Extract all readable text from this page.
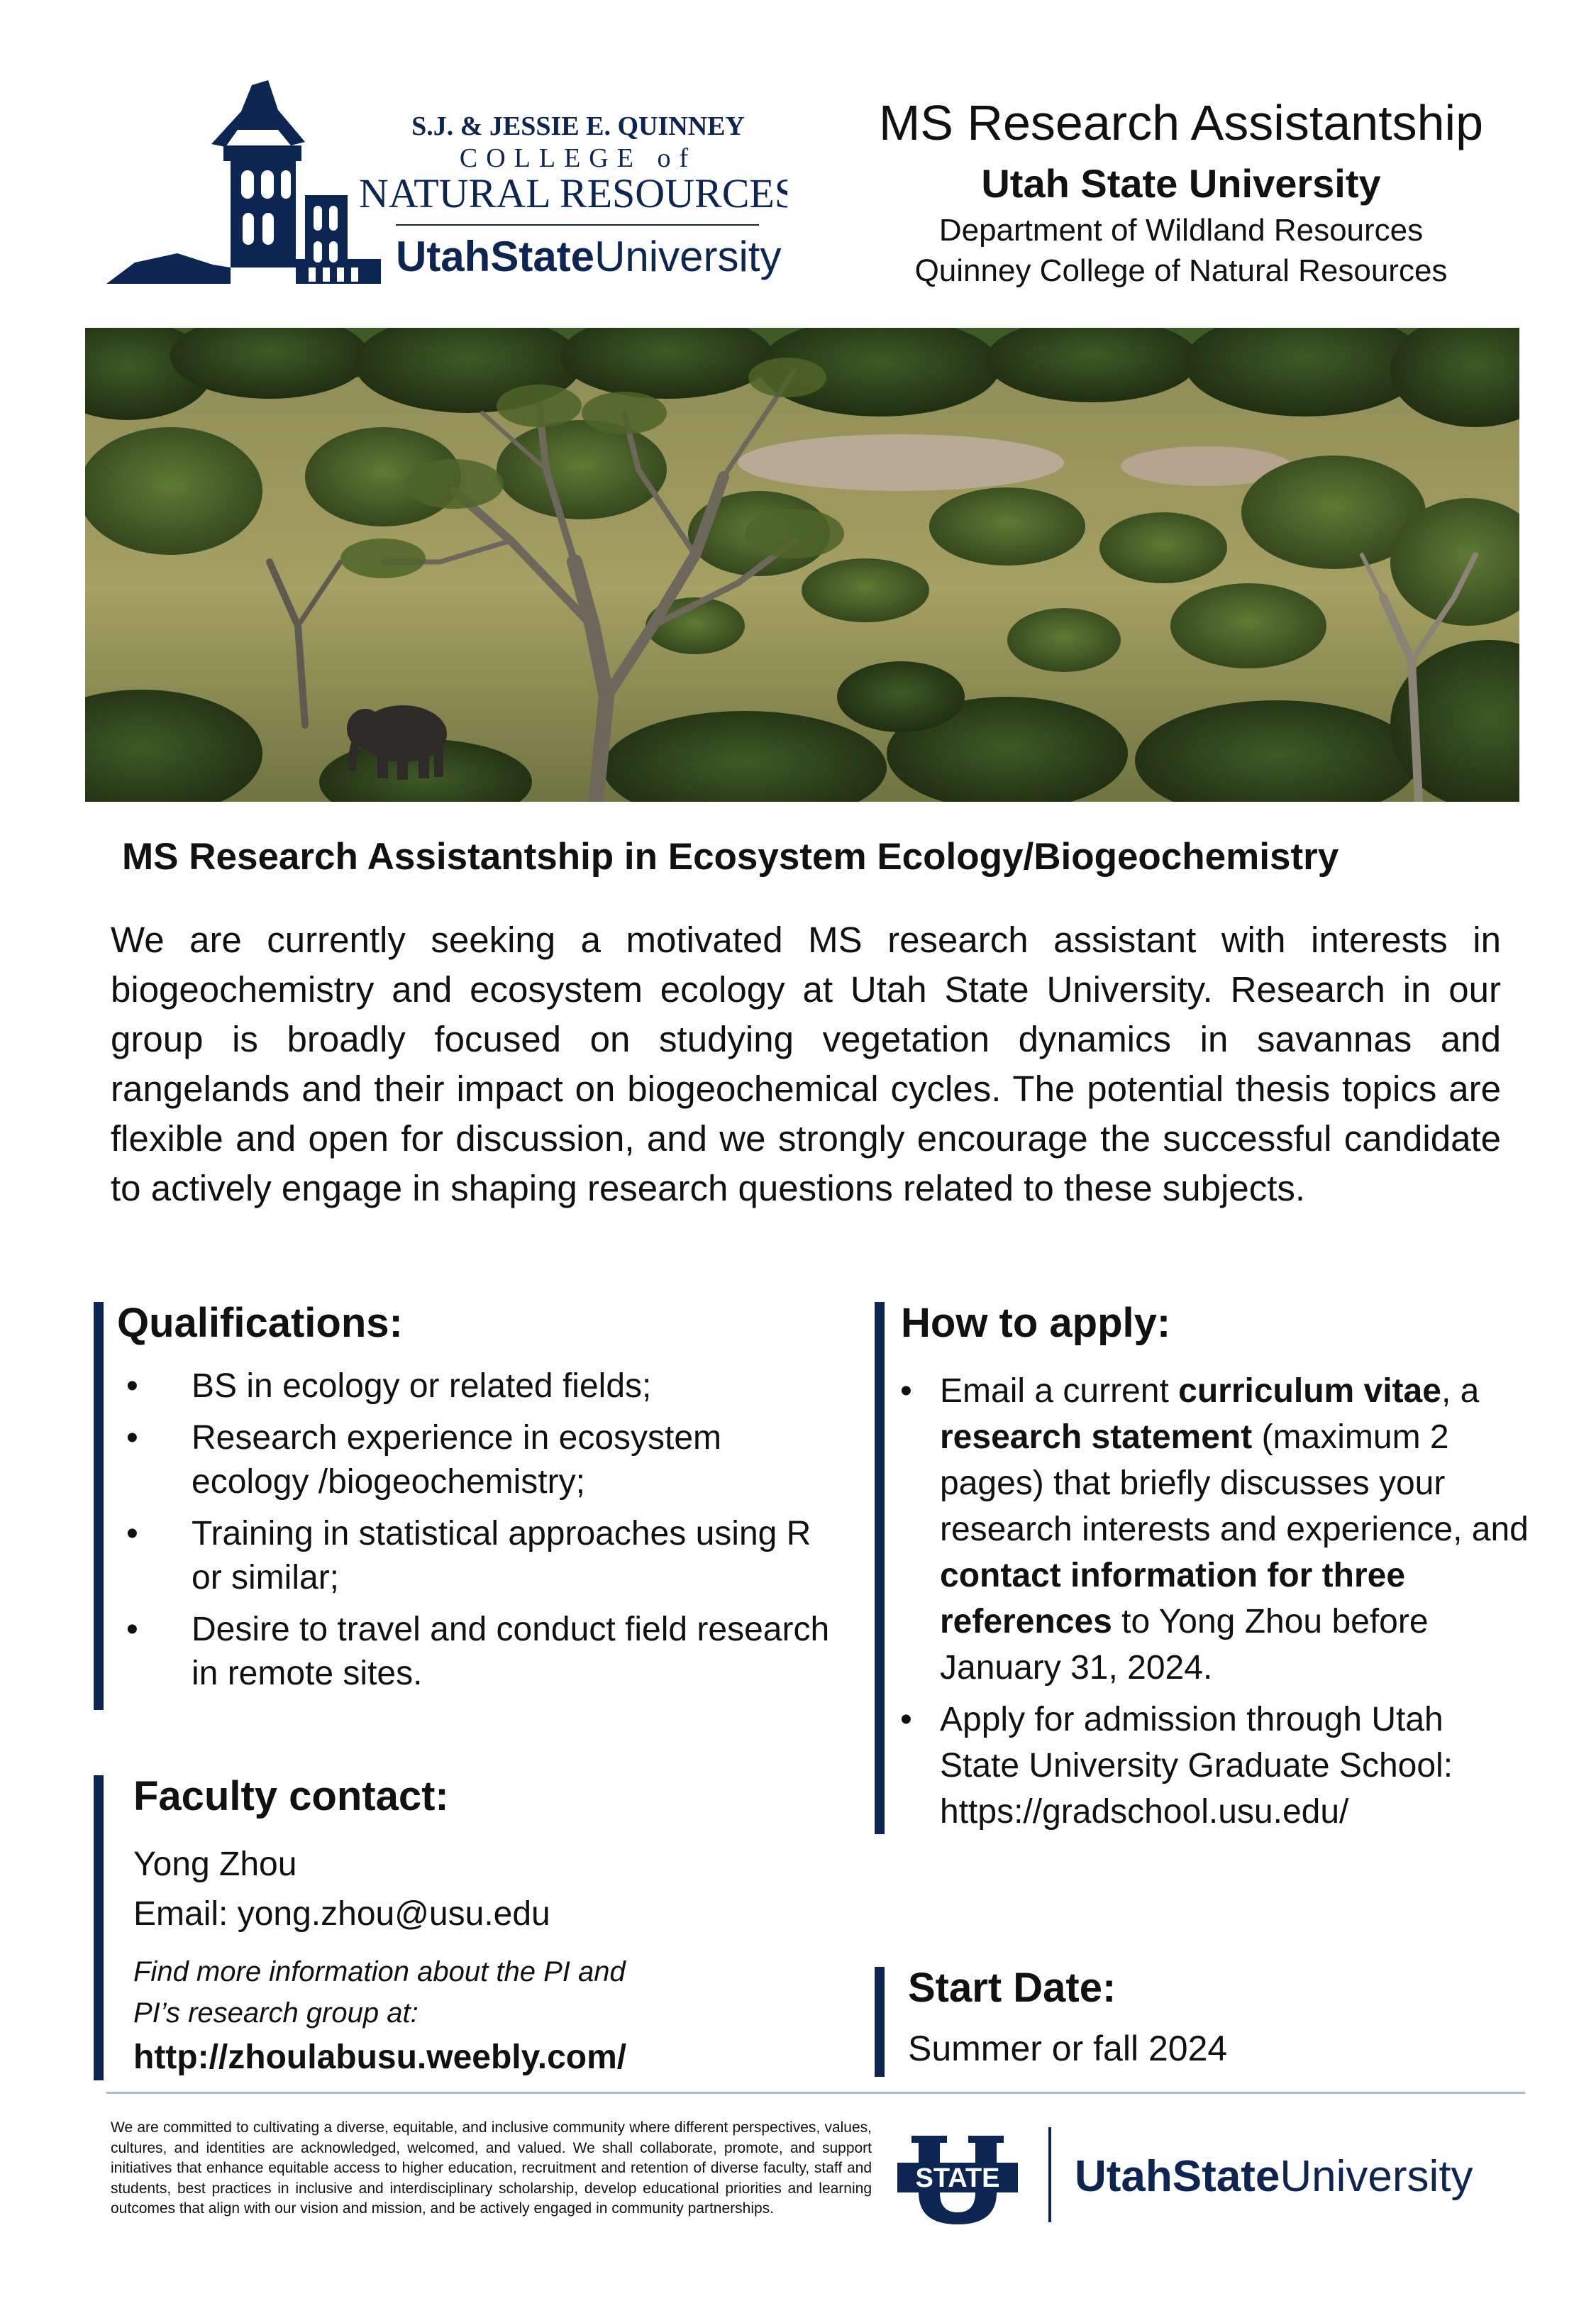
S.J. & JESSIE E. QUINNEY
COLLEGE of
NATURAL RESOURCES
UtahStateUniversity
MS Research Assistantship
Utah State University
Department of Wildland Resources
Quinney College of Natural Resources
MS Research Assistantship in Ecosystem Ecology/Biogeochemistry

We are currently seeking a motivated MS research assistant with interests in biogeochemistry and ecosystem ecology at Utah State University. Research in our group is broadly focused on studying vegetation dynamics in savannas and rangelands and their impact on biogeochemical cycles. The potential thesis topics are flexible and open for discussion, and we strongly encourage the successful candidate to actively engage in shaping research questions related to these subjects.

Qualifications:
• BS in ecology or related fields;
• Research experience in ecosystem ecology /biogeochemistry;
• Training in statistical approaches using R or similar;
• Desire to travel and conduct field research in remote sites.
How to apply:
• Email a current curriculum vitae, a research statement (maximum 2 pages) that briefly discusses your research interests and experience, and contact information for three references to Yong Zhou before January 31, 2024.
• Apply for admission through Utah State University Graduate School: https://gradschool.usu.edu/
Faculty contact:
Yong Zhou
Email: yong.zhou@usu.edu
Find more information about the PI and PI’s research group at:
http://zhoulabusu.weebly.com/
Start Date:
Summer or fall 2024

We are committed to cultivating a diverse, equitable, and inclusive community where different perspectives, values, cultures, and identities are acknowledged, welcomed, and valued. We shall collaborate, promote, and support initiatives that enhance equitable access to higher education, recruitment and retention of diverse faculty, staff and students, best practices in inclusive and interdisciplinary scholarship, develop educational priorities and learning outcomes that align with our vision and mission, and be actively engaged in community partnerships.

STATE UtahStateUniversity
